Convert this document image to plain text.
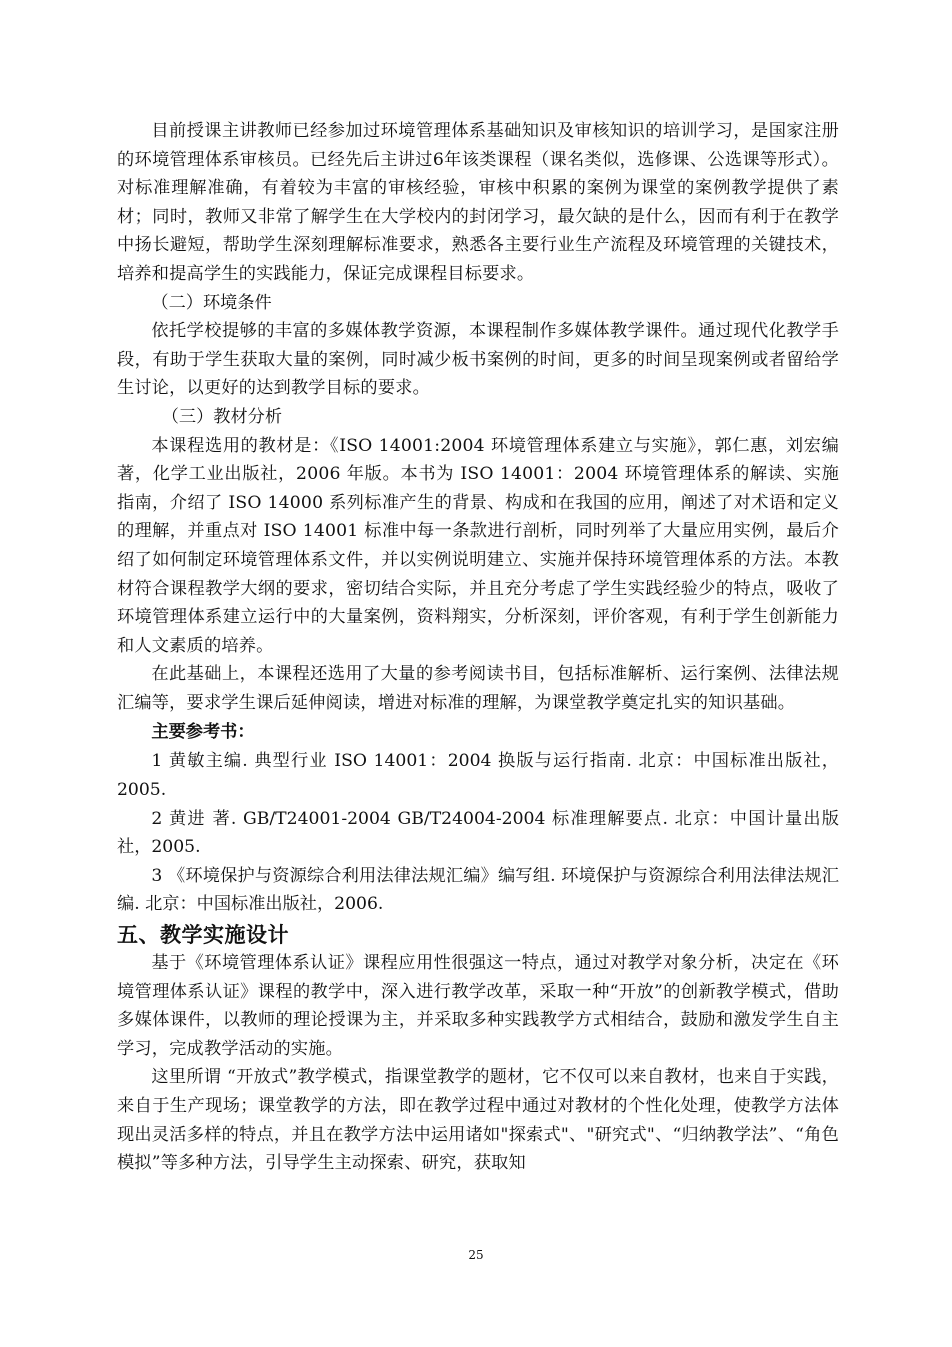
目前授课主讲教师已经参加过环境管理体系基础知识及审核知识的培训学习，是国家注册的环境管理体系审核员。已经先后主讲过6年该类课程（课名类似，选修课、公选课等形式）。对标准理解准确，有着较为丰富的审核经验，审核中积累的案例为课堂的案例教学提供了素材；同时，教师又非常了解学生在大学校内的封闭学习，最欠缺的是什么，因而有利于在教学中扬长避短，帮助学生深刻理解标准要求，熟悉各主要行业生产流程及环境管理的关键技术，培养和提高学生的实践能力，保证完成课程目标要求。

（二）环境条件

依托学校提够的丰富的多媒体教学资源，本课程制作多媒体教学课件。通过现代化教学手段，有助于学生获取大量的案例，同时减少板书案例的时间，更多的时间呈现案例或者留给学生讨论，以更好的达到教学目标的要求。

（三）教材分析

本课程选用的教材是：《ISO 14001:2004 环境管理体系建立与实施》，郭仁惠，刘宏编著，化学工业出版社，2006 年版。本书为 ISO 14001：2004 环境管理体系的解读、实施指南，介绍了 ISO 14000 系列标准产生的背景、构成和在我国的应用，阐述了对术语和定义的理解，并重点对 ISO 14001 标准中每一条款进行剖析，同时列举了大量应用实例，最后介绍了如何制定环境管理体系文件，并以实例说明建立、实施并保持环境管理体系的方法。本教材符合课程教学大纲的要求，密切结合实际，并且充分考虑了学生实践经验少的特点，吸收了环境管理体系建立运行中的大量案例，资料翔实，分析深刻，评价客观，有利于学生创新能力和人文素质的培养。

在此基础上，本课程还选用了大量的参考阅读书目，包括标准解析、运行案例、法律法规汇编等，要求学生课后延伸阅读，增进对标准的理解，为课堂教学奠定扎实的知识基础。

主要参考书：

1 黄敏主编. 典型行业 ISO 14001：2004 换版与运行指南. 北京：中国标准出版社，2005.

2 黄进 著. GB/T24001-2004 GB/T24004-2004 标准理解要点. 北京：中国计量出版社，2005.

3 《环境保护与资源综合利用法律法规汇编》编写组. 环境保护与资源综合利用法律法规汇编. 北京：中国标准出版社，2006.

五、教学实施设计

基于《环境管理体系认证》课程应用性很强这一特点，通过对教学对象分析，决定在《环境管理体系认证》课程的教学中，深入进行教学改革，采取一种“开放”的创新教学模式，借助多媒体课件，以教师的理论授课为主，并采取多种实践教学方式相结合，鼓励和激发学生自主学习，完成教学活动的实施。

这里所谓 “开放式”教学模式，指课堂教学的题材，它不仅可以来自教材，也来自于实践，来自于生产现场；课堂教学的方法，即在教学过程中通过对教材的个性化处理，使教学方法体现出灵活多样的特点，并且在教学方法中运用诸如"探索式"、"研究式"、“归纳教学法”、“角色模拟”等多种方法，引导学生主动探索、研究，获取知

25
